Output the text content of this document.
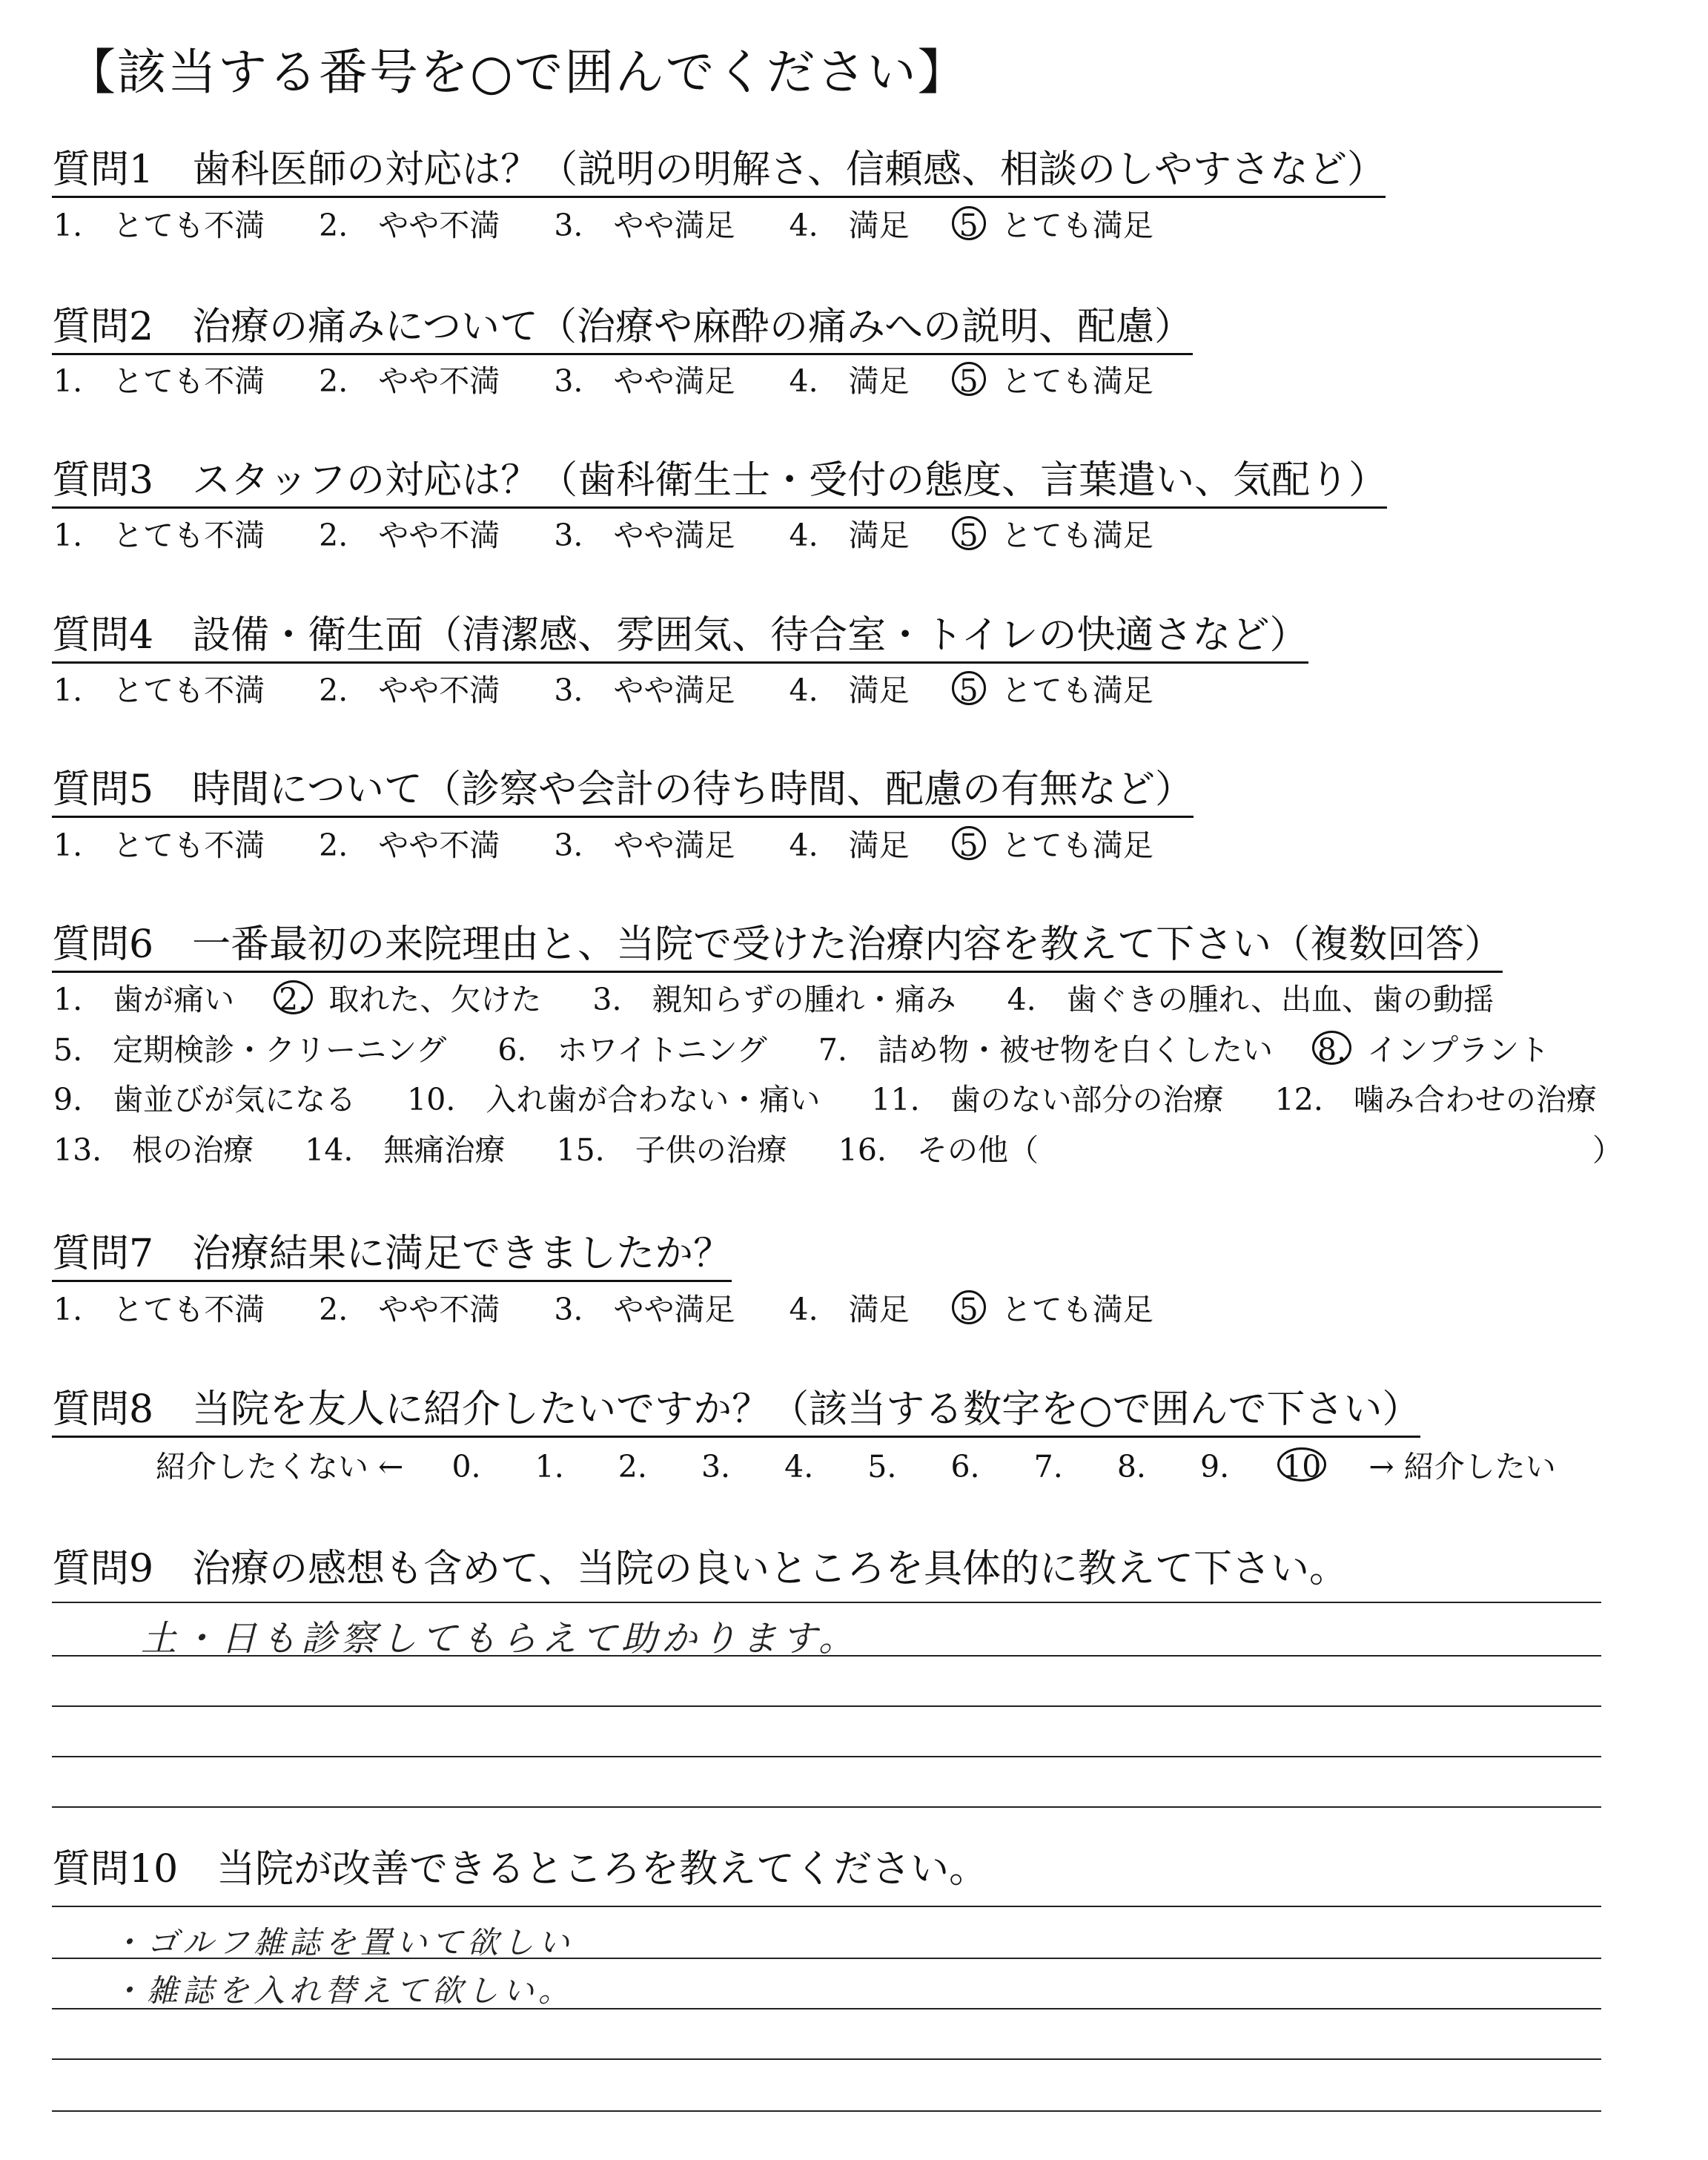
【該当する番号を○で囲んでください】
質問1　歯科医師の対応は？（説明の明解さ、信頼感、相談のしやすさなど）
1.　とても不満 2.　やや不満 3.　やや満足 4.　満足 5 とても満足
質問2　治療の痛みについて（治療や麻酔の痛みへの説明、配慮）
1.　とても不満 2.　やや不満 3.　やや満足 4.　満足 5 とても満足
質問3　スタッフの対応は？（歯科衛生士・受付の態度、言葉遣い、気配り）
1.　とても不満 2.　やや不満 3.　やや満足 4.　満足 5 とても満足
質問4　設備・衛生面（清潔感、雰囲気、待合室・トイレの快適さなど）
1.　とても不満 2.　やや不満 3.　やや満足 4.　満足 5 とても満足
質問5　時間について（診察や会計の待ち時間、配慮の有無など）
1.　とても不満 2.　やや不満 3.　やや満足 4.　満足 5 とても満足
質問6　一番最初の来院理由と、当院で受けた治療内容を教えて下さい（複数回答）
1.　歯が痛い 2. 取れた、欠けた 3.　親知らずの腫れ・痛み 4.　歯ぐきの腫れ、出血、歯の動揺
5.　定期検診・クリーニング 6.　ホワイトニング 7.　詰め物・被せ物を白くしたい 8. インプラント
9.　歯並びが気になる 10.　入れ歯が合わない・痛い 11.　歯のない部分の治療 12.　噛み合わせの治療
13.　根の治療 14.　無痛治療 15.　子供の治療 16.　その他（	）
質問7　治療結果に満足できましたか？
1.　とても不満 2.　やや不満 3.　やや満足 4.　満足 5 とても満足
質問8　当院を友人に紹介したいですか？（該当する数字を○で囲んで下さい）
紹介したくない ← 0. 1. 2. 3. 4. 5. 6. 7. 8. 9. 10 → 紹介したい
質問9　治療の感想も含めて、当院の良いところを具体的に教えて下さい。
土・日も診察してもらえて助かります。
質問10　当院が改善できるところを教えてください。
・ゴルフ雑誌を置いて欲しい
・雑誌を入れ替えて欲しい。
